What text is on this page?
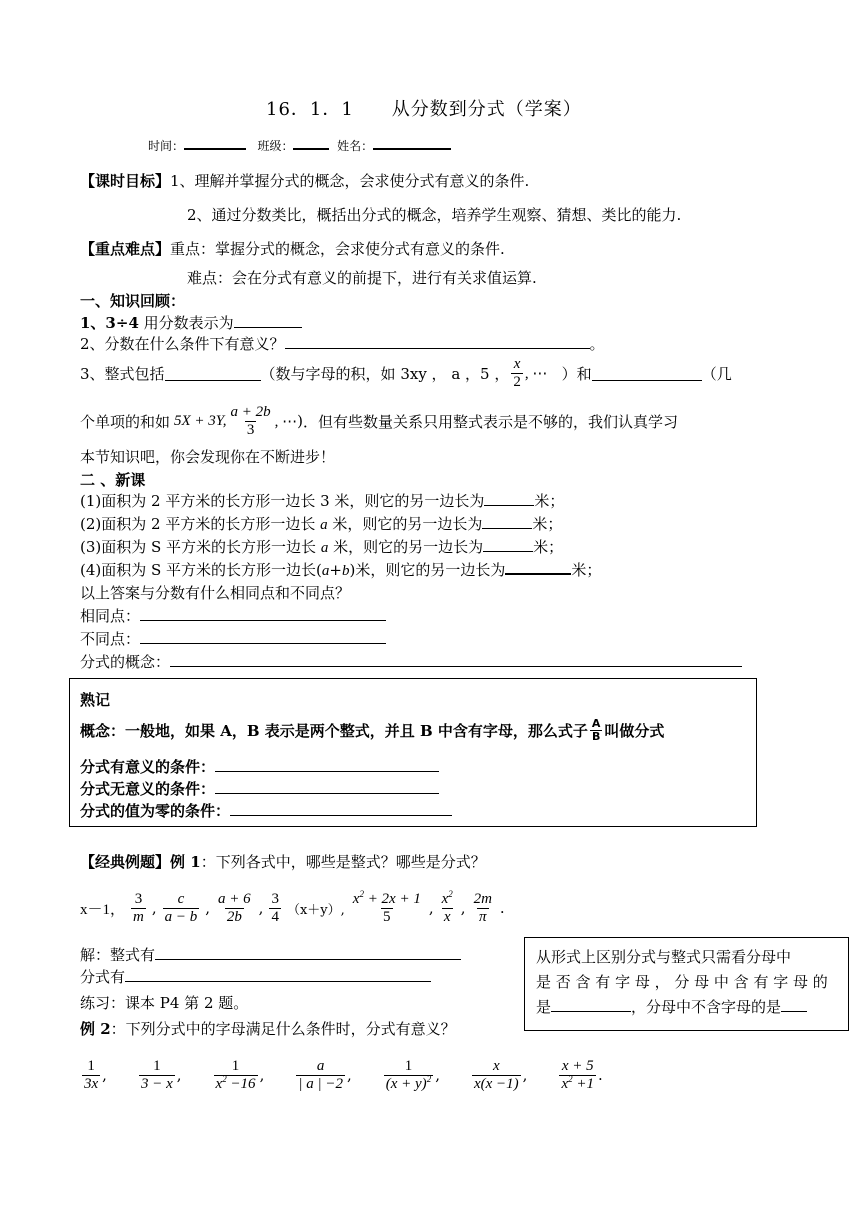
16．1．1　　从分数到分式（学案）
时间：	班级：	姓名：
【课时目标】1、理解并掌握分式的概念，会求使分式有意义的条件.
2、通过分数类比，概括出分式的概念，培养学生观察、猜想、类比的能力.
【重点难点】重点：掌握分式的概念，会求使分式有意义的条件.
难点：会在分式有意义的前提下，进行有关求值运算.
一、知识回顾：
1、3÷4 用分数表示为
2、分数在什么条件下有意义？	。
3、整式包括	（数与字母的积，如 3xy ， a ，5 ， $\frac{x}{2}$ , ⋯
）和	（几
个单项的和如 5X + 3Y, $\frac{a + 2b}{3}$ , ⋯ ) ．但有些数量关系只用整式表示是不够的，我们认真学习
本节知识吧，你会发现你在不断进步！
二 、新课
(1)面积为 2 平方米的长方形一边长 3 米，则它的另一边长为	米；
(2)面积为 2 平方米的长方形一边长 a 米，则它的另一边长为	米；
(3)面积为 S 平方米的长方形一边长 a 米，则它的另一边长为	米；
(4)面积为 S 平方米的长方形一边长(a+b)米，则它的另一边长为	米；
以上答案与分数有什么相同点和不同点？
相同点：
不同点：
分式的概念：
熟记
概念：一般地，如果 A，B 表示是两个整式，并且 B 中含有字母，那么式子 $\frac{A}{B}$ 叫做分式
分式有意义的条件：
分式无意义的条件：
分式的值为零的条件：
【经典例题】例 1：下列各式中，哪些是整式？哪些是分式？
x－1， $\frac{3}{m}$ , $\frac{c}{a - b}$ , $\frac{a + 6}{2b}$ , $\frac{3}{4} (x+y)$, $\frac{x^2 + 2x + 1}{5}$ , $\frac{x^2}{x}$ , $\frac{2m}{\pi}$ .
解：整式有
分式有
练习：课本 P4 第 2 题。
从形式上区别分式与整式只需看分母中
是 否 含 有 字 母 ， 分 母 中 含 有 字 母 的
是	，分母中不含字母的是
例 2：下列分式中的字母满足什么条件时，分式有意义？
$\frac{1}{3x}$ , $\frac{1}{3 - x}$ , $\frac{1}{x^2 -16}$ , $\frac{a}{| a | -2}$ , $\frac{1}{(x + y)^2}$ , $\frac{x}{x(x -1)}$ , $\frac{x + 5}{x^2 +1}$ .
